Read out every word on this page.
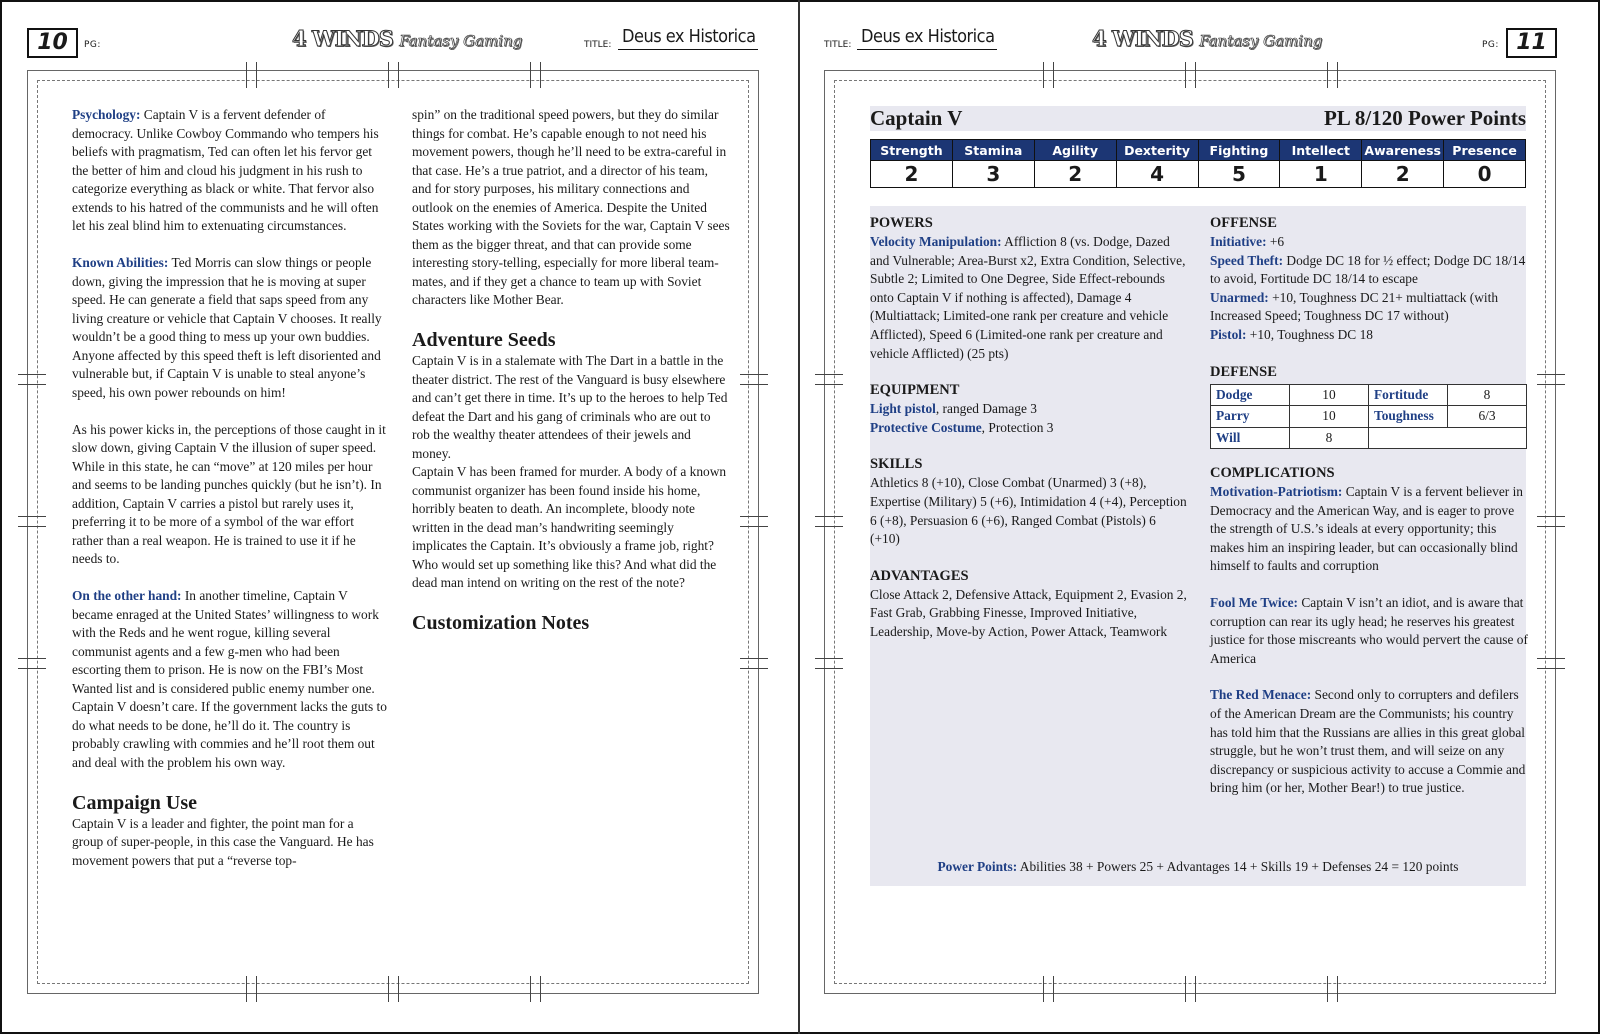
10	PG:	4 WINDS Fantasy Gaming	TITLE: Deus ex Historica

Psychology: Captain V is a fervent defender of democracy. Unlike Cowboy Commando who tempers his beliefs with pragmatism, Ted can often let his fervor get the better of him and cloud his judgment in his rush to categorize everything as black or white. That fervor also extends to his hatred of the communists and he will often let his zeal blind him to extenuating circumstances.

Known Abilities: Ted Morris can slow things or people down, giving the impression that he is moving at super speed. He can generate a field that saps speed from any living creature or vehicle that Captain V chooses. It really wouldn’t be a good thing to mess up your own buddies. Anyone affected by this speed theft is left disoriented and vulnerable but, if Captain V is unable to steal anyone’s speed, his own power rebounds on him!

As his power kicks in, the perceptions of those caught in it slow down, giving Captain V the illusion of super speed. While in this state, he can “move” at 120 miles per hour and seems to be landing punches quickly (but he isn’t). In addition, Captain V carries a pistol but rarely uses it, preferring it to be more of a symbol of the war effort rather than a real weapon. He is trained to use it if he needs to.

On the other hand: In another timeline, Captain V became enraged at the United States’ willingness to work with the Reds and he went rogue, killing several communist agents and a few g-men who had been escorting them to prison. He is now on the FBI’s Most Wanted list and is considered public enemy number one. Captain V doesn’t care. If the government lacks the guts to do what needs to be done, he’ll do it. The country is probably crawling with commies and he’ll root them out and deal with the problem his own way.

Campaign Use

Captain V is a leader and fighter, the point man for a group of super-people, in this case the Vanguard. He has movement powers that put a “reverse top-

spin” on the traditional speed powers, but they do similar things for combat. He’s capable enough to not need his movement powers, though he’ll need to be extra-careful in that case. He’s a true patriot, and a director of his team, and for story purposes, his military connections and outlook on the enemies of America. Despite the United States working with the Soviets for the war, Captain V sees them as the bigger threat, and that can provide some interesting story-telling, especially for more liberal team-mates, and if they get a chance to team up with Soviet characters like Mother Bear.

Adventure Seeds

Captain V is in a stalemate with The Dart in a battle in the theater district. The rest of the Vanguard is busy elsewhere and can’t get there in time. It’s up to the heroes to help Ted defeat the Dart and his gang of criminals who are out to rob the wealthy theater attendees of their jewels and money.

Captain V has been framed for murder. A body of a known communist organizer has been found inside his home, horribly beaten to death. An incomplete, bloody note written in the dead man’s handwriting seemingly implicates the Captain. It’s obviously a frame job, right? Who would set up something like this? And what did the dead man intend on writing on the rest of the note?

Customization Notes
TITLE: Deus ex Historica	4 WINDS Fantasy Gaming	PG: 11
Captain V	PL 8/120 Power Points
Strength	Stamina	Agility	Dexterity	Fighting	Intellect	Awareness	Presence
2	3	2	4	5	1	2	0
POWERS
Velocity Manipulation: Affliction 8 (vs. Dodge, Dazed and Vulnerable; Area-Burst x2, Extra Condition, Selective, Subtle 2; Limited to One Degree, Side Effect-rebounds onto Captain V if nothing is affected), Damage 4 (Multiattack; Limited-one rank per creature and vehicle Afflicted), Speed 6 (Limited-one rank per creature and vehicle Afflicted) (25 pts)
EQUIPMENT
Light pistol, ranged Damage 3
Protective Costume, Protection 3
SKILLS
Athletics 8 (+10), Close Combat (Unarmed) 3 (+8), Expertise (Military) 5 (+6), Intimidation 4 (+4), Perception 6 (+8), Persuasion 6 (+6), Ranged Combat (Pistols) 6 (+10)
ADVANTAGES
Close Attack 2, Defensive Attack, Equipment 2, Evasion 2, Fast Grab, Grabbing Finesse, Improved Initiative, Leadership, Move-by Action, Power Attack, Teamwork
OFFENSE
Initiative: +6
Speed Theft: Dodge DC 18 for ½ effect; Dodge DC 18/14 to avoid, Fortitude DC 18/14 to escape
Unarmed: +10, Toughness DC 21+ multiattack (with Increased Speed; Toughness DC 17 without)
Pistol: +10, Toughness DC 18
DEFENSE
Dodge	10	Fortitude	8
Parry	10	Toughness	6/3
Will	8		
COMPLICATIONS
Motivation-Patriotism: Captain V is a fervent believer in Democracy and the American Way, and is eager to prove the strength of U.S.’s ideals at every opportunity; this makes him an inspiring leader, but can occasionally blind himself to faults and corruption
Fool Me Twice: Captain V isn’t an idiot, and is aware that corruption can rear its ugly head; he reserves his greatest justice for those miscreants who would pervert the cause of America
The Red Menace: Second only to corrupters and defilers of the American Dream are the Communists; his country has told him that the Russians are allies in this great global struggle, but he won’t trust them, and will seize on any discrepancy or suspicious activity to accuse a Commie and bring him (or her, Mother Bear!) to true justice.
Power Points: Abilities 38 + Powers 25 + Advantages 14 + Skills 19 + Defenses 24 = 120 points
